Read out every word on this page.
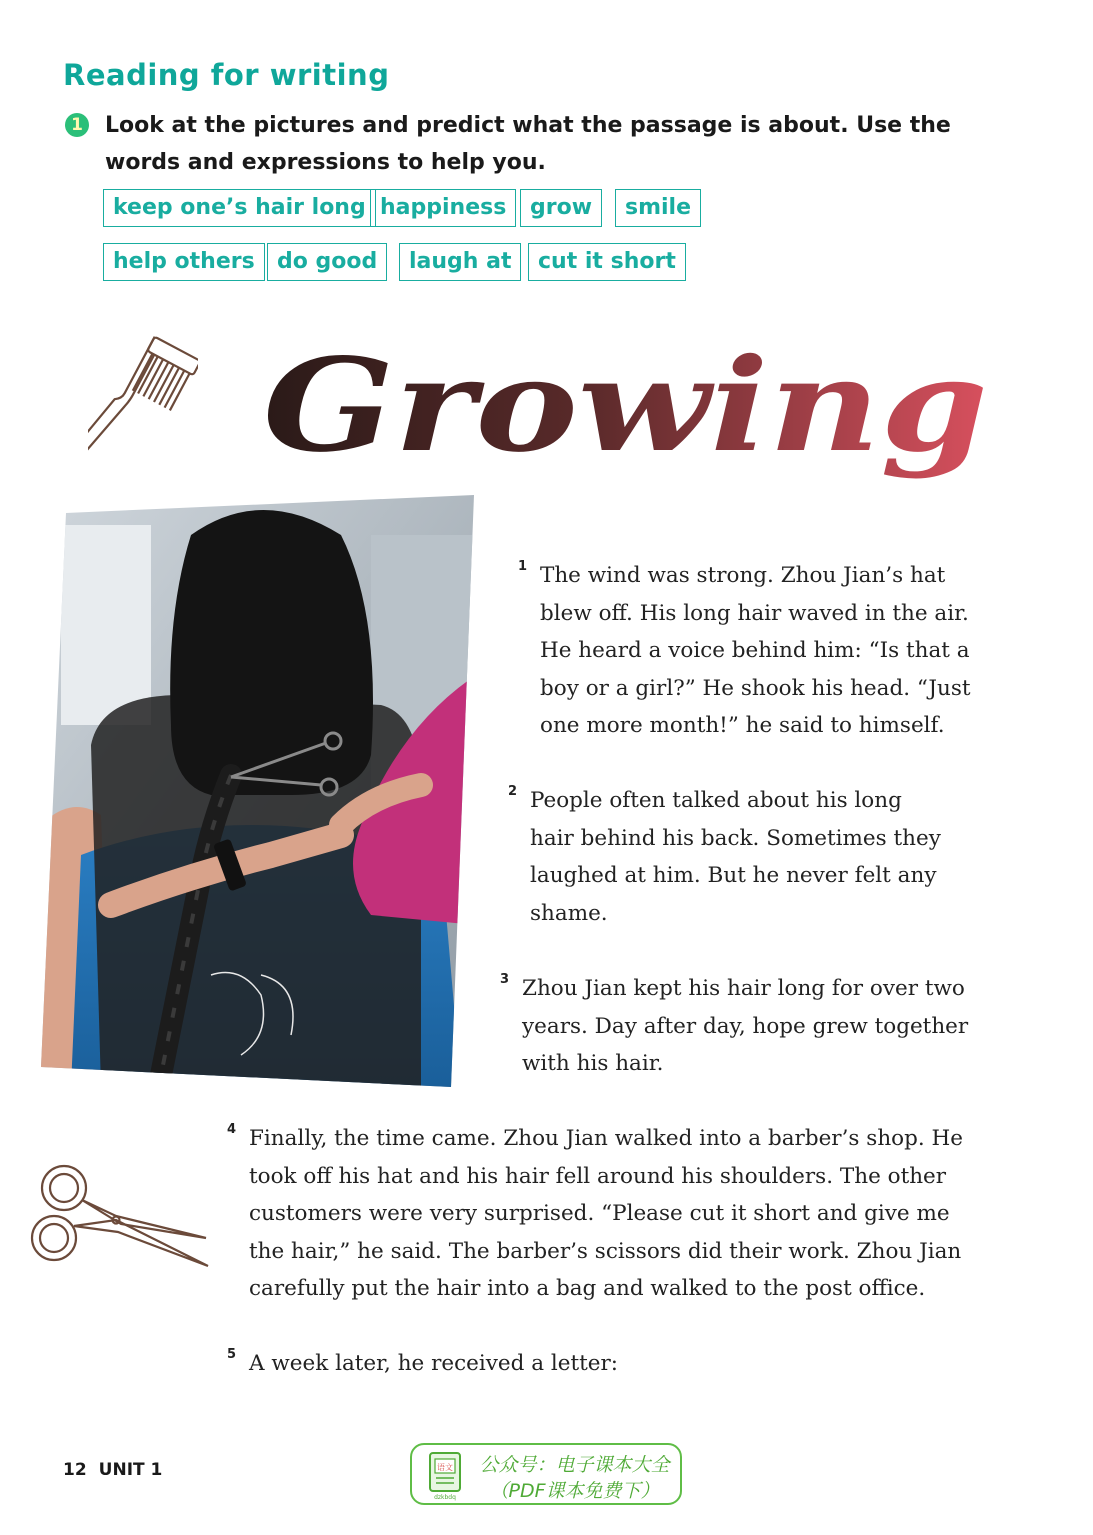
Reading for writing
1 Look at the pictures and predict what the passage is about. Use the
words and expressions to help you.

keep one’s hair long happiness	grow	smile
help others	do good	laugh at	cut it short
Growing
1 The wind was strong. Zhou Jian’s hat
blew off. His long hair waved in the air.
He heard a voice behind him: “Is that a
boy or a girl?” He shook his head. “Just
one more month!” he said to himself.
2 People often talked about his long
hair behind his back. Sometimes they
laughed at him. But he never felt any
shame.
3 Zhou Jian kept his hair long for over two
years. Day after day, hope grew together
with his hair.
4 Finally, the time came. Zhou Jian walked into a barber’s shop. He
took off his hat and his hair fell around his shoulders. The other
customers were very surprised. “Please cut it short and give me
the hair,” he said. The barber’s scissors did their work. Zhou Jian
carefully put the hair into a bag and walked to the post office.
5 A week later, he received a letter:
12 UNIT 1	语文
dzkbdq
公众号：电子课本大全
（PDF课本免费下）
